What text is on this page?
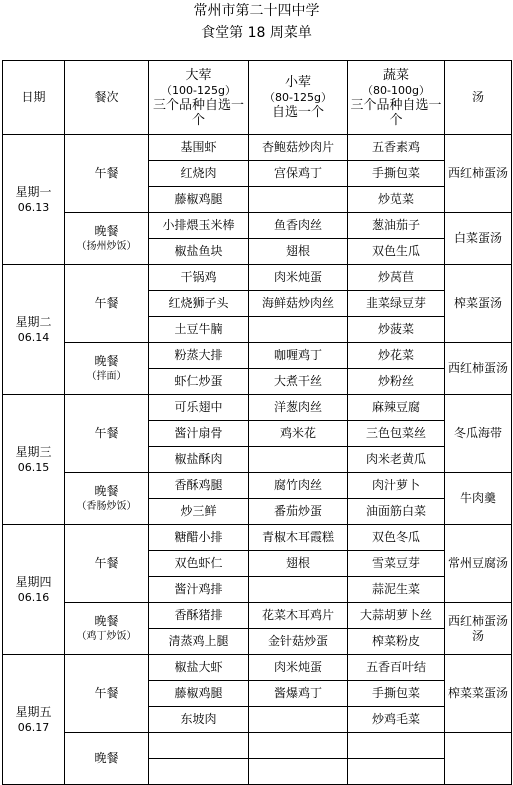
常州市第二十四中学
食堂第 18 周菜单
日期	餐次	大荤
（100-125g）
三个品种自选一个	小荤
（80-125g）
自选一个	蔬菜
（80-100g）
三个品种自选一个	汤
星期一
06.13	午餐	基围虾	杏鲍菇炒肉片	五香素鸡	西红柿蛋汤
		红烧肉	宫保鸡丁	手撕包菜	
		藤椒鸡腿		炒苋菜	
	晚餐
（扬州炒饭）	小排煨玉米棒	鱼香肉丝	葱油茄子	白菜蛋汤
		椒盐鱼块	翅根	双色生瓜	
星期二
06.14	午餐	干锅鸡	肉米炖蛋	炒莴苣	榨菜蛋汤
		红烧狮子头	海鲜菇炒肉丝	韭菜绿豆芽	
		土豆牛腩		炒菠菜	
	晚餐
（拌面）	粉蒸大排	咖喱鸡丁	炒花菜	西红柿蛋汤
		虾仁炒蛋	大煮干丝	炒粉丝	
星期三
06.15	午餐	可乐翅中	洋葱肉丝	麻辣豆腐	冬瓜海带
		酱汁扇骨	鸡米花	三色包菜丝	
		椒盐酥肉		肉米老黄瓜	
	晚餐
（香肠炒饭）	香酥鸡腿	腐竹肉丝	肉汁萝卜	牛肉羹
		炒三鲜	番茄炒蛋	油面筋白菜	
星期四
06.16	午餐	糖醋小排	青椒木耳霞糕	双色冬瓜	常州豆腐汤
		双色虾仁	翅根	雪菜豆芽	
		酱汁鸡排		蒜泥生菜	
	晚餐
（鸡丁炒饭）	香酥猪排	花菜木耳鸡片	大蒜胡萝卜丝	西红柿蛋汤汤
		清蒸鸡上腿	金针菇炒蛋	榨菜粉皮	
星期五
06.17	午餐	椒盐大虾	肉米炖蛋	五香百叶结	榨菜菜蛋汤
		藤椒鸡腿	酱爆鸡丁	手撕包菜	
		东坡肉		炒鸡毛菜	
	晚餐				
